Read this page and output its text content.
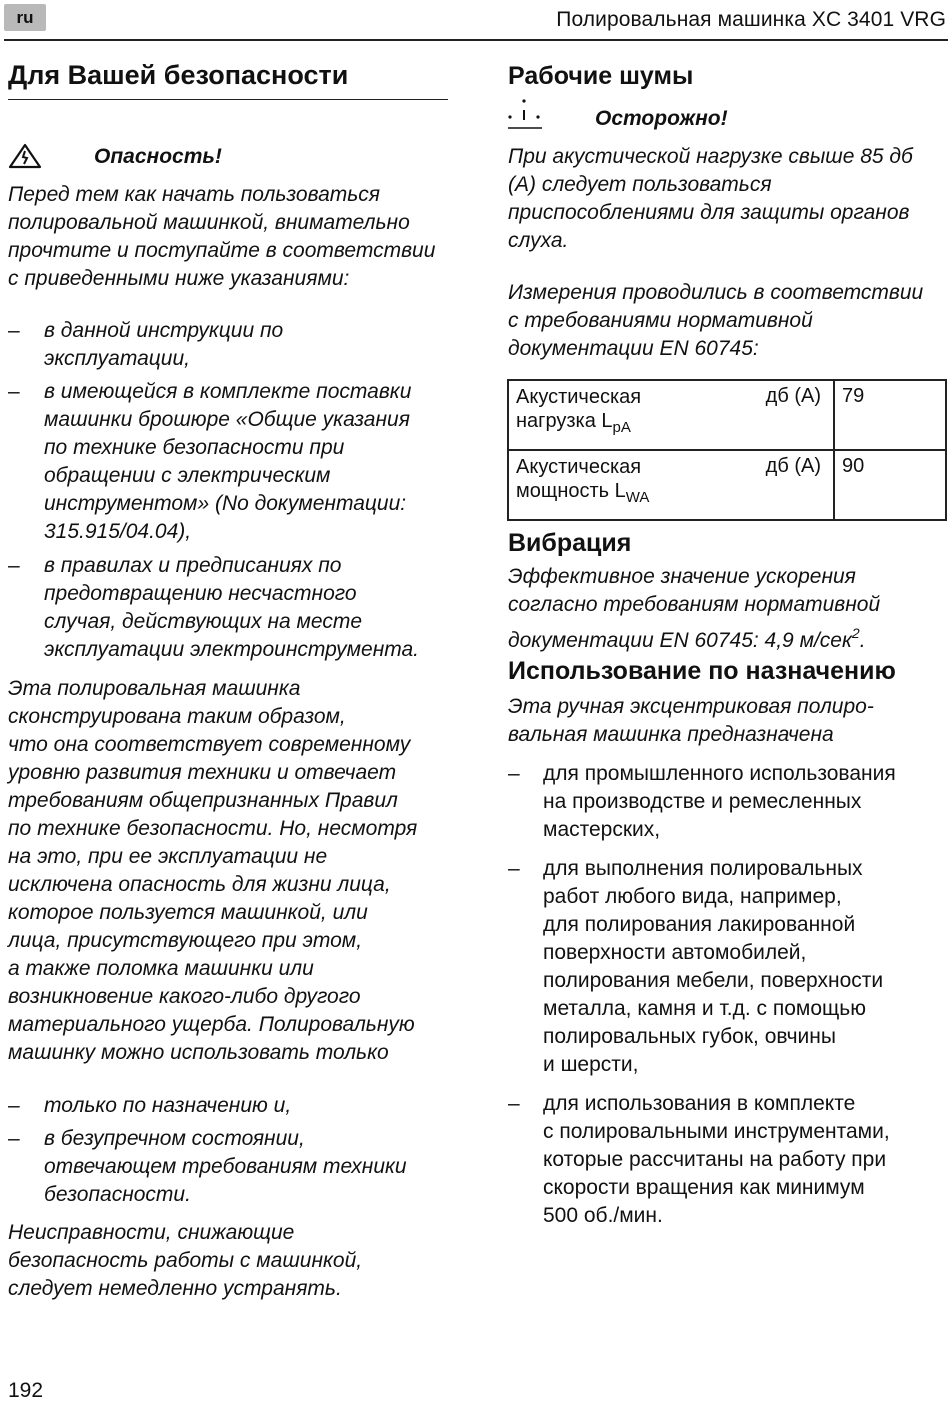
ru	Полировальная машинка XC 3401 VRG
Для Вашей безопасности
Опасность!
Перед тем как начать пользоваться
полировальной машинкой, внимательно
прочтите и поступайте в соответствии
с приведенными ниже указаниями:
– в данной инструкции по
эксплуатации,
– в имеющейся в комплекте поставки
машинки брошюре «Общие указания
по технике безопасности при
обращении с электрическим
инструментом» (No документации:
315.915/04.04),
– в правилах и предписаниях по
предотвращению несчастного
случая, действующих на месте
эксплуатации электроинструмента.
Эта полировальная машинка
сконструирована таким образом,
что она соответствует современному
уровню развития техники и отвечает
требованиям общепризнанных Правил
по технике безопасности. Но, несмотря
на это, при ее эксплуатации не
исключена опасность для жизни лица,
которое пользуется машинкой, или
лица, присутствующего при этом,
а также поломка машинки или
возникновение какого-либо другого
материального ущерба. Полировальную
машинку можно использовать только
– только по назначению и,
– в безупречном состоянии,
отвечающем требованиям техники
безопасности.
Неисправности, снижающие
безопасность работы с машинкой,
следует немедленно устранять.
192
Рабочие шумы
Осторожно!
При акустической нагрузке свыше 85 дб
(A) следует пользоваться
приспособлениями для защиты органов
слуха.
Измерения проводились в соответствии
с требованиями нормативной
документации EN 60745:
Акустическая
нагрузка $L_{pA}$	дб (A)	79
Акустическая
мощность $L_{WA}$	дб (A)	90
Вибрация
Эффективное значение ускорения
согласно требованиям нормативной
документации EN 60745: 4,9 м/сек$^2$.
Использование по назначению
Эта ручная эксцентриковая полиро-
вальная машинка предназначена
– для промышленного использования
на производстве и ремесленных
мастерских,
– для выполнения полировальных
работ любого вида, например,
для полирования лакированной
поверхности автомобилей,
полирования мебели, поверхности
металла, камня и т.д. с помощью
полировальных губок, овчины
и шерсти,
– для использования в комплекте
с полировальными инструментами,
которые рассчитаны на работу при
скорости вращения как минимум
500 об./мин.
